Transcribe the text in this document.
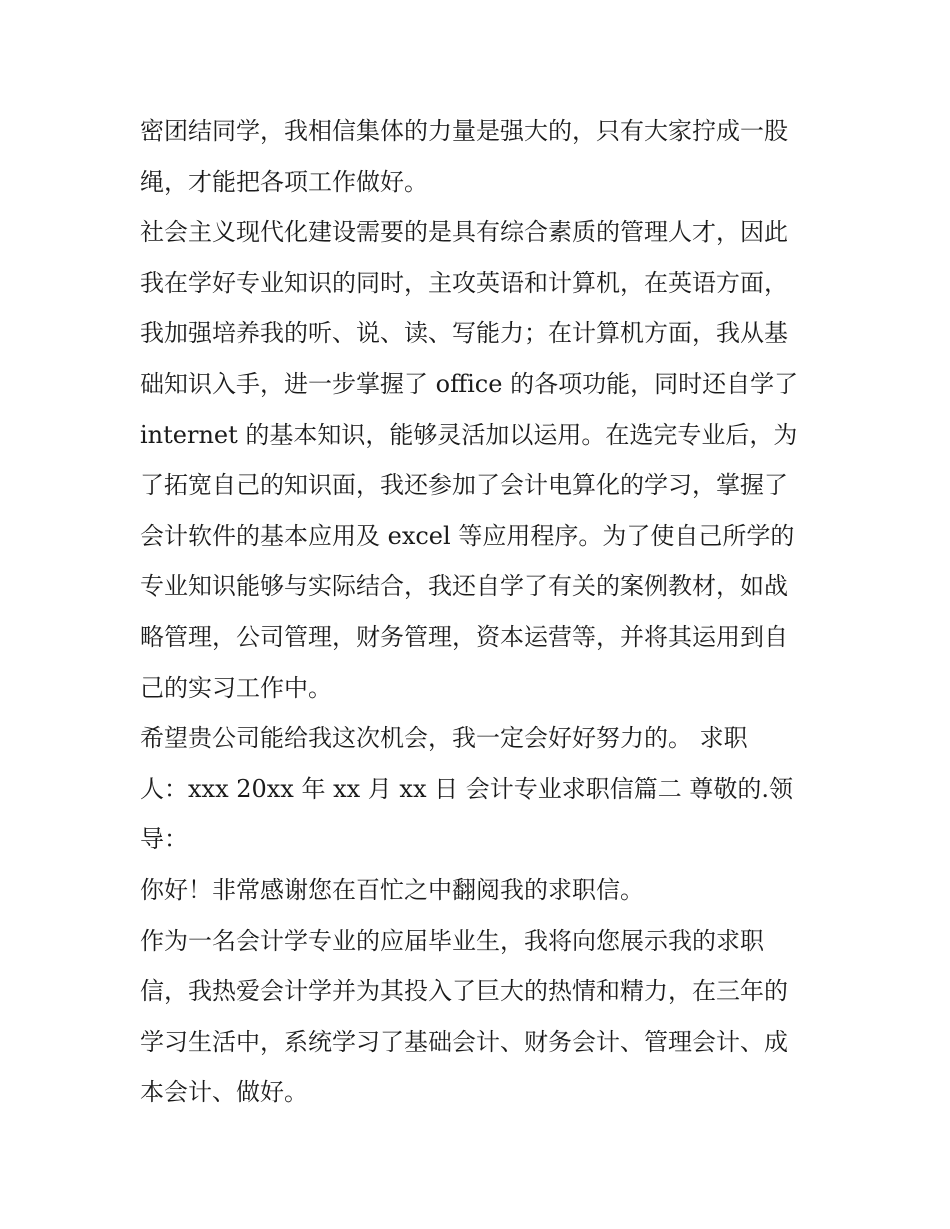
密团结同学，我相信集体的力量是强大的，只有大家拧成一股
绳，才能把各项工作做好。
社会主义现代化建设需要的是具有综合素质的管理人才，因此
我在学好专业知识的同时，主攻英语和计算机，在英语方面，
我加强培养我的听、说、读、写能力；在计算机方面，我从基
础知识入手，进一步掌握了 office 的各项功能，同时还自学了
internet 的基本知识，能够灵活加以运用。在选完专业后，为
了拓宽自己的知识面，我还参加了会计电算化的学习，掌握了
会计软件的基本应用及 excel 等应用程序。为了使自己所学的
专业知识能够与实际结合，我还自学了有关的案例教材，如战
略管理，公司管理，财务管理，资本运营等，并将其运用到自
己的实习工作中。
希望贵公司能给我这次机会，我一定会好好努力的。 求职
人：xxx 20xx 年 xx 月 xx 日 会计专业求职信篇二 尊敬的.领
导：
你好！非常感谢您在百忙之中翻阅我的求职信。
作为一名会计学专业的应届毕业生，我将向您展示我的求职
信，我热爱会计学并为其投入了巨大的热情和精力，在三年的
学习生活中，系统学习了基础会计、财务会计、管理会计、成
本会计、做好。
